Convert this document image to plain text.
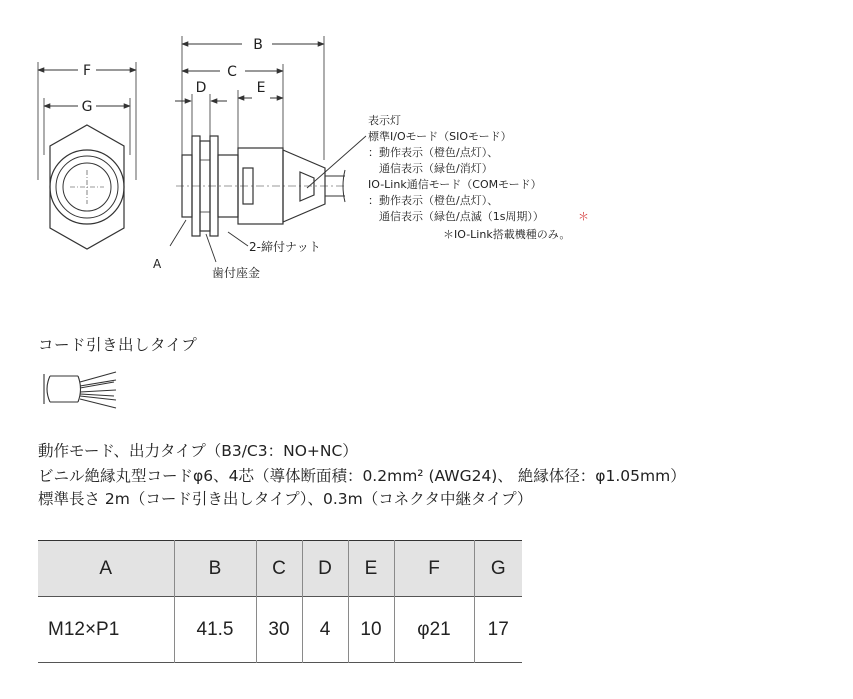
F
G
B
C
D	E
A
2-締付ナット
歯付座金
表示灯
標準I/Oモード（SIOモード）
：動作表示（橙色/点灯）、
　通信表示（緑色/消灯）
IO-Link通信モード（COMモード）
：動作表示（橙色/点灯）、
　通信表示（緑色/点滅（1s周期））	＊
＊IO-Link搭載機種のみ。
コード引き出しタイプ
動作モード、出力タイプ（B3/C3：NO+NC）
ビニル絶縁丸型コードφ6、4芯（導体断面積：0.2mm² (AWG24)、 絶縁体径：φ1.05mm）
標準長さ 2m（コード引き出しタイプ）、0.3m（コネクタ中継タイプ）
A	B	C	D	E	F	G
M12×P1	41.5	30	4	10	φ21	17
